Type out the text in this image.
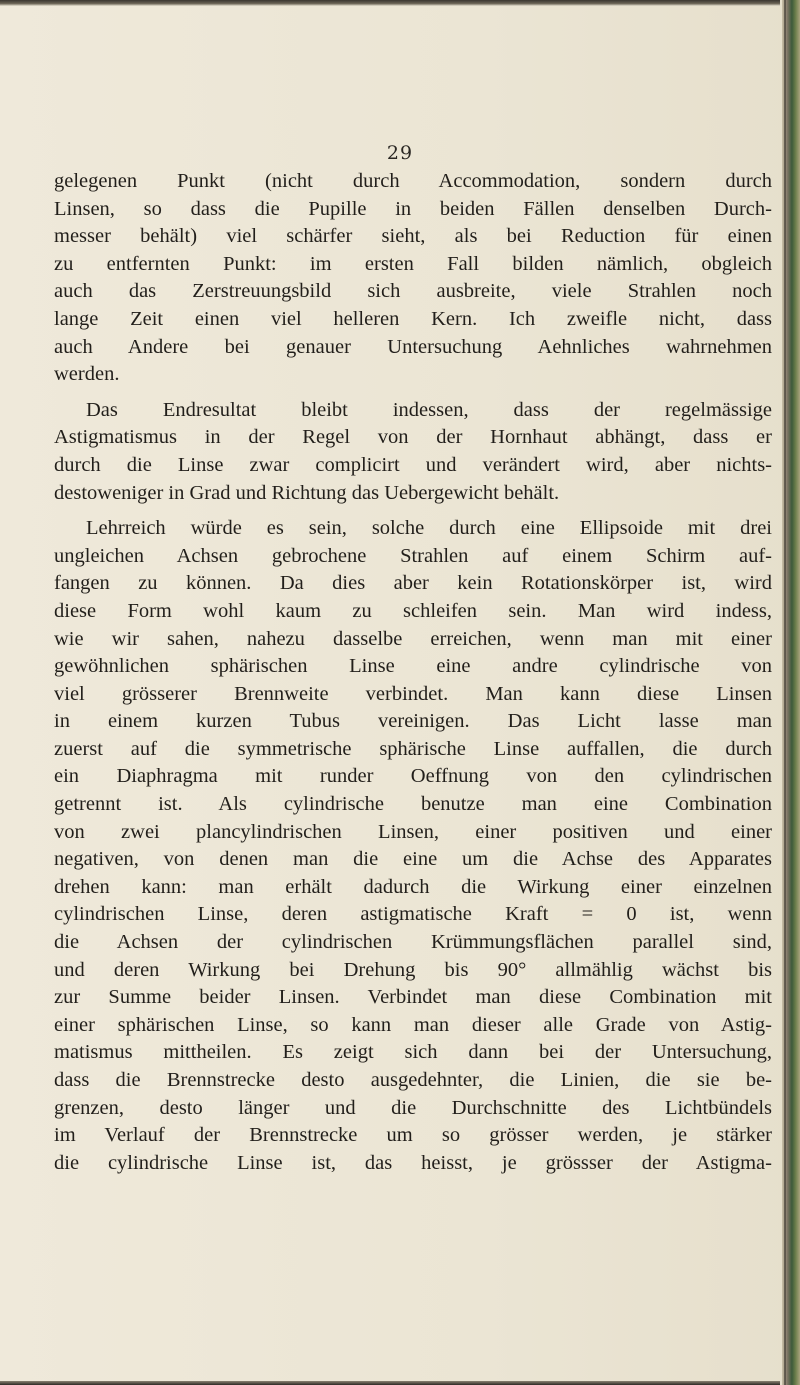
29
gelegenen Punkt (nicht durch Accommodation, sondern durch
Linsen, so dass die Pupille in beiden Fällen denselben Durch-
messer behält) viel schärfer sieht, als bei Reduction für einen
zu entfernten Punkt: im ersten Fall bilden nämlich, obgleich
auch das Zerstreuungsbild sich ausbreite, viele Strahlen noch
lange Zeit einen viel helleren Kern. Ich zweifle nicht, dass
auch Andere bei genauer Untersuchung Aehnliches wahrnehmen
werden.
Das Endresultat bleibt indessen, dass der regelmässige
Astigmatismus in der Regel von der Hornhaut abhängt, dass er
durch die Linse zwar complicirt und verändert wird, aber nichts-
destoweniger in Grad und Richtung das Uebergewicht behält.
Lehrreich würde es sein, solche durch eine Ellipsoide mit drei
ungleichen Achsen gebrochene Strahlen auf einem Schirm auf-
fangen zu können. Da dies aber kein Rotationskörper ist, wird
diese Form wohl kaum zu schleifen sein. Man wird indess,
wie wir sahen, nahezu dasselbe erreichen, wenn man mit einer
gewöhnlichen sphärischen Linse eine andre cylindrische von
viel grösserer Brennweite verbindet. Man kann diese Linsen
in einem kurzen Tubus vereinigen. Das Licht lasse man
zuerst auf die symmetrische sphärische Linse auffallen, die durch
ein Diaphragma mit runder Oeffnung von den cylindrischen
getrennt ist. Als cylindrische benutze man eine Combination
von zwei plancylindrischen Linsen, einer positiven und einer
negativen, von denen man die eine um die Achse des Apparates
drehen kann: man erhält dadurch die Wirkung einer einzelnen
cylindrischen Linse, deren astigmatische Kraft = 0 ist, wenn
die Achsen der cylindrischen Krümmungsflächen parallel sind,
und deren Wirkung bei Drehung bis 90° allmählig wächst bis
zur Summe beider Linsen. Verbindet man diese Combination mit
einer sphärischen Linse, so kann man dieser alle Grade von Astig-
matismus mittheilen. Es zeigt sich dann bei der Untersuchung,
dass die Brennstrecke desto ausgedehnter, die Linien, die sie be-
grenzen, desto länger und die Durchschnitte des Lichtbündels
im Verlauf der Brennstrecke um so grösser werden, je stärker
die cylindrische Linse ist, das heisst, je grössser der Astigma-
